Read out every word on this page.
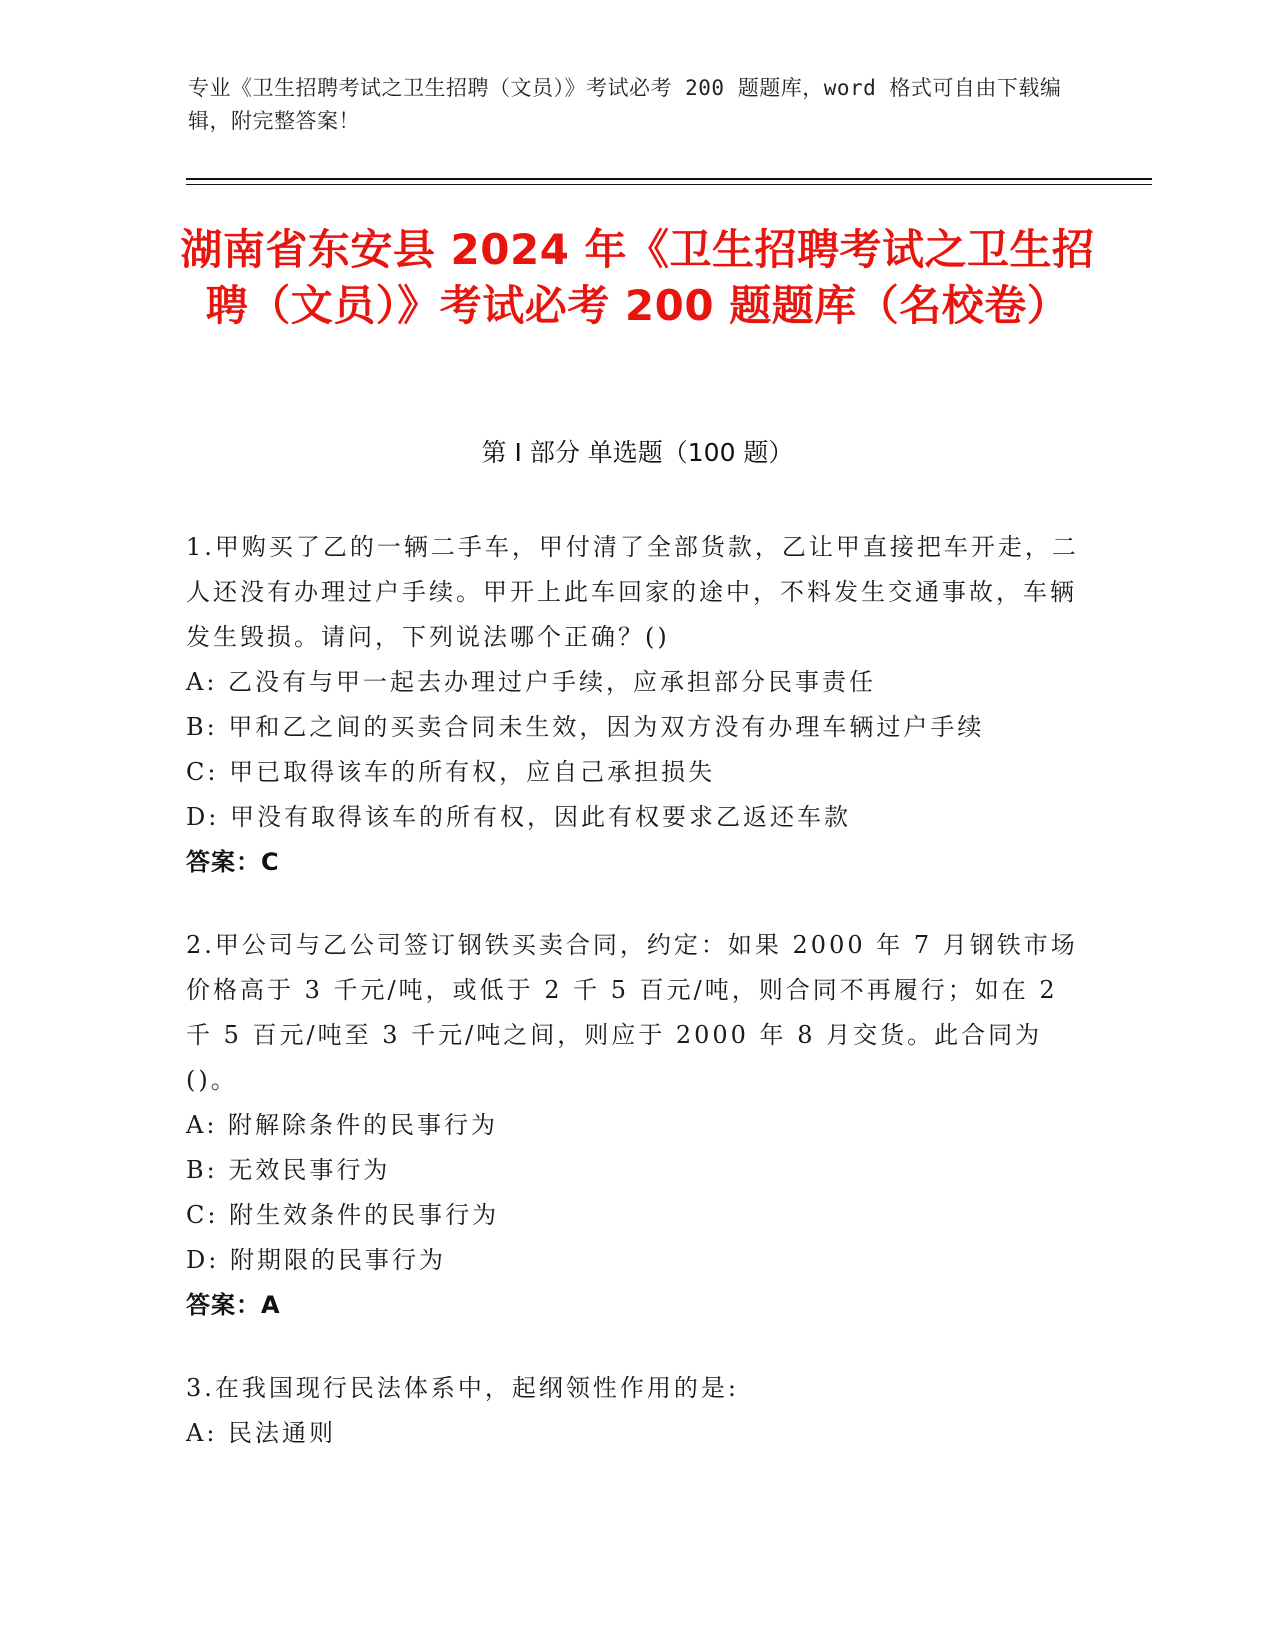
专业《卫生招聘考试之卫生招聘（文员）》考试必考 200 题题库，word 格式可自由下载编辑，附完整答案！
湖南省东安县 2024 年《卫生招聘考试之卫生招聘（文员）》考试必考 200 题题库（名校卷）
第 I 部分 单选题（100 题）
1.甲购买了乙的一辆二手车，甲付清了全部货款，乙让甲直接把车开走，二人还没有办理过户手续。甲开上此车回家的途中，不料发生交通事故，车辆发生毁损。请问，下列说法哪个正确？()
A: 乙没有与甲一起去办理过户手续，应承担部分民事责任
B: 甲和乙之间的买卖合同未生效，因为双方没有办理车辆过户手续
C: 甲已取得该车的所有权，应自己承担损失
D: 甲没有取得该车的所有权，因此有权要求乙返还车款
答案：C
2.甲公司与乙公司签订钢铁买卖合同，约定：如果 2000 年 7 月钢铁市场价格高于 3 千元/吨，或低于 2 千 5 百元/吨，则合同不再履行；如在 2 千 5 百元/吨至 3 千元/吨之间，则应于 2000 年 8 月交货。此合同为()。
A: 附解除条件的民事行为
B: 无效民事行为
C: 附生效条件的民事行为
D: 附期限的民事行为
答案：A
3.在我国现行民法体系中，起纲领性作用的是:
A: 民法通则
